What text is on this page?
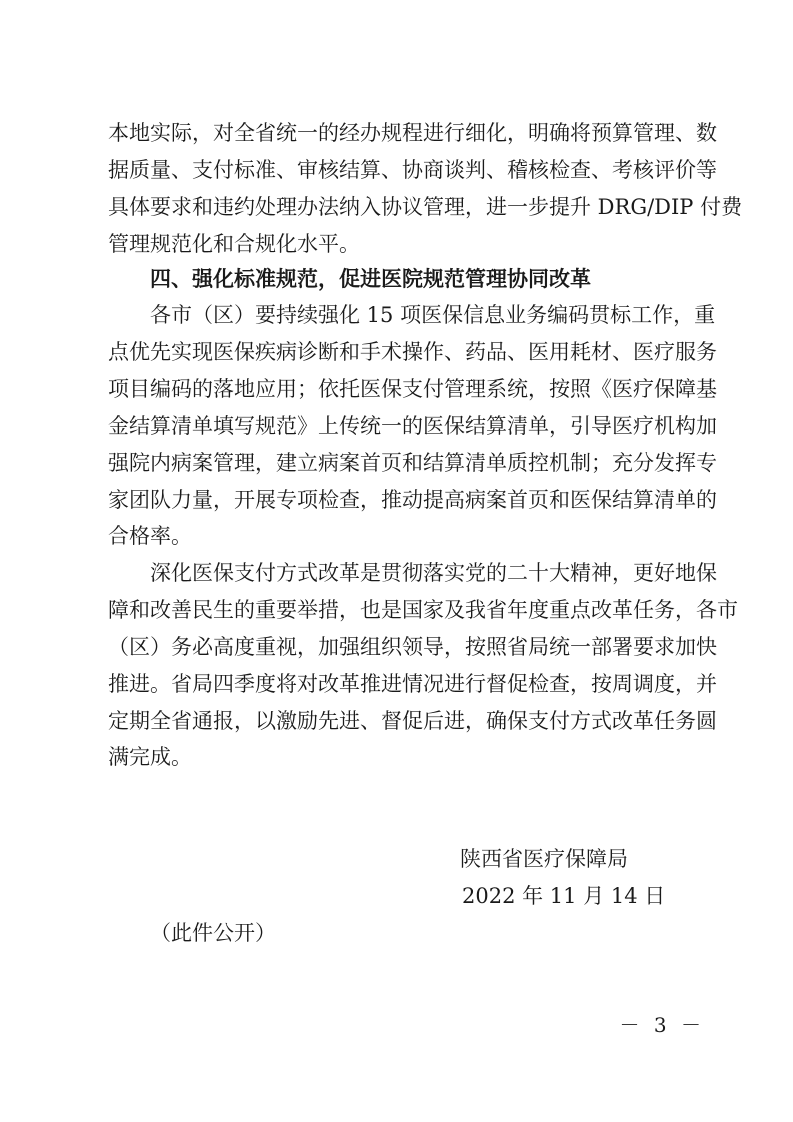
本地实际，对全省统一的经办规程进行细化，明确将预算管理、数
据质量、支付标准、审核结算、协商谈判、稽核检查、考核评价等
具体要求和违约处理办法纳入协议管理，进一步提升 DRG/DIP 付费
管理规范化和合规化水平。
四、强化标准规范，促进医院规范管理协同改革
各市（区）要持续强化 15 项医保信息业务编码贯标工作，重
点优先实现医保疾病诊断和手术操作、药品、医用耗材、医疗服务
项目编码的落地应用；依托医保支付管理系统，按照《医疗保障基
金结算清单填写规范》上传统一的医保结算清单，引导医疗机构加
强院内病案管理，建立病案首页和结算清单质控机制；充分发挥专
家团队力量，开展专项检查，推动提高病案首页和医保结算清单的
合格率。
深化医保支付方式改革是贯彻落实党的二十大精神，更好地保
障和改善民生的重要举措，也是国家及我省年度重点改革任务，各市
（区）务必高度重视，加强组织领导，按照省局统一部署要求加快
推进。省局四季度将对改革推进情况进行督促检查，按周调度，并
定期全省通报，以激励先进、督促后进，确保支付方式改革任务圆
满完成。
陕西省医疗保障局
2022 年 11 月 14 日
（此件公开）
－ 3 －
